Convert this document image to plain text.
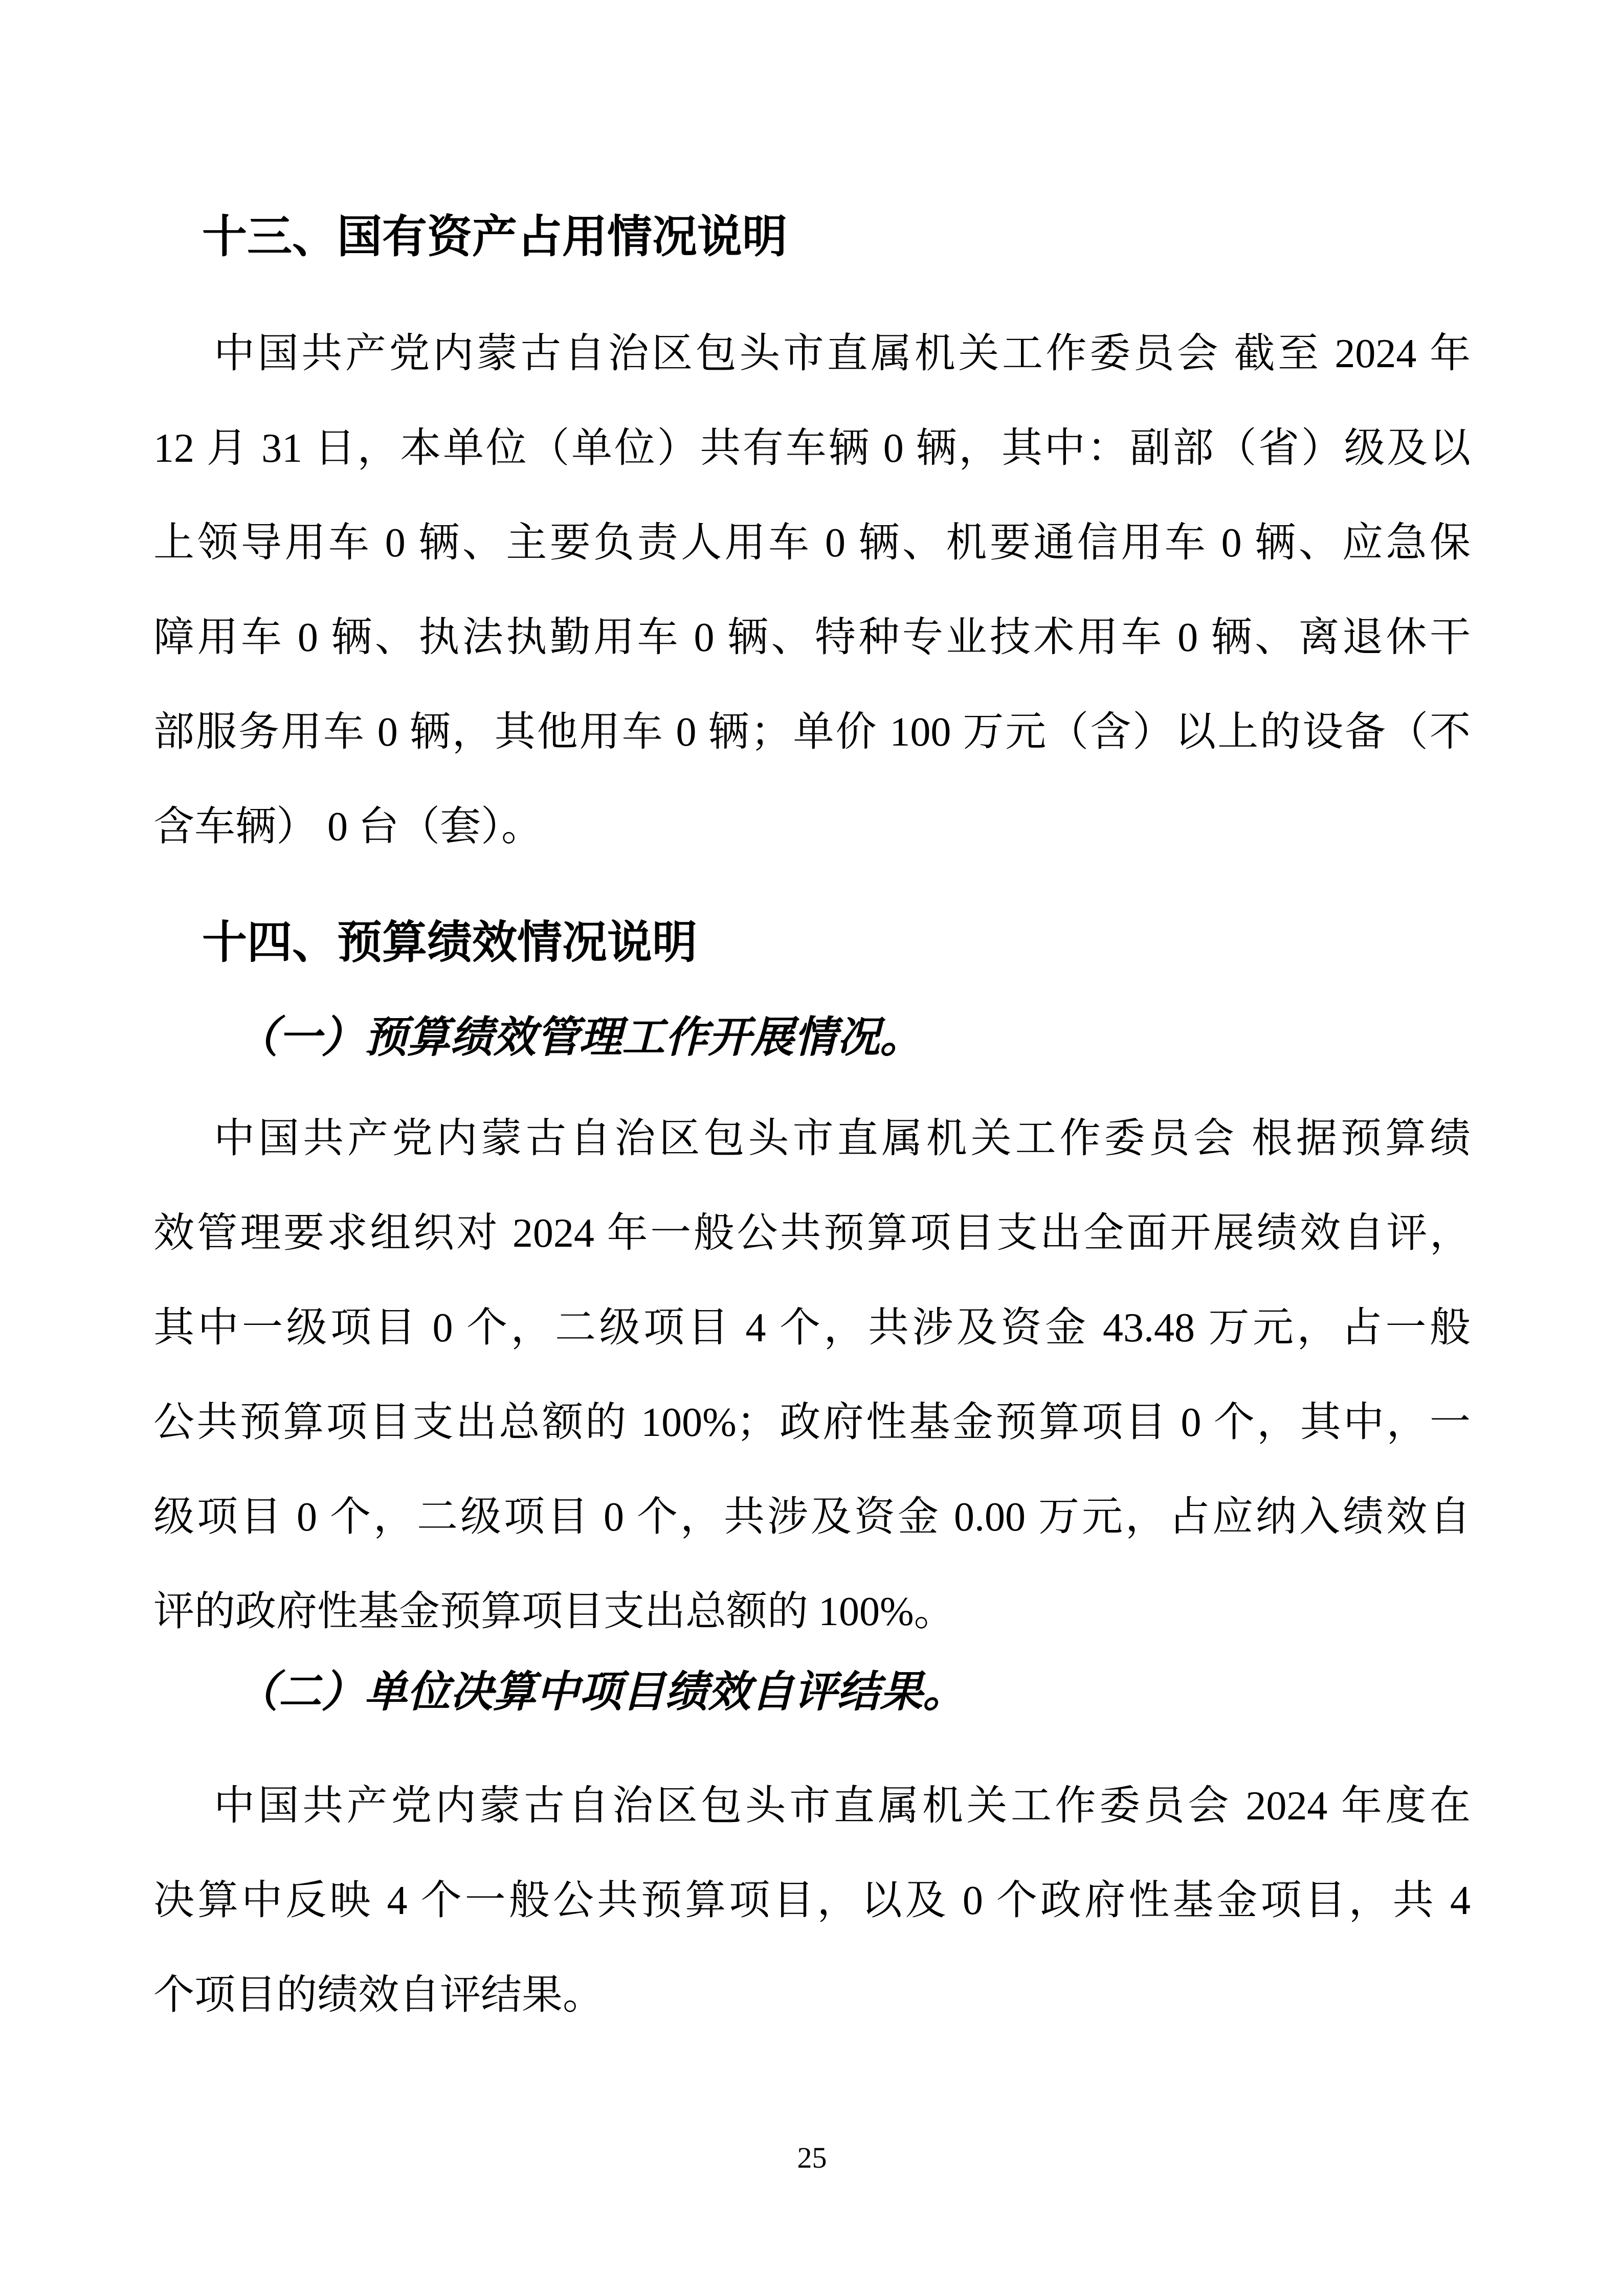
十三、国有资产占用情况说明
中国共产党内蒙古自治区包头市直属机关工作委员会 截至 2024 年
12 月 31 日，本单位（单位）共有车辆 0 辆，其中：副部（省）级及以
上领导用车 0 辆、主要负责人用车 0 辆、机要通信用车 0 辆、应急保
障用车 0 辆、执法执勤用车 0 辆、特种专业技术用车 0 辆、离退休干
部服务用车 0 辆，其他用车 0 辆；单价 100 万元（含）以上的设备（不
含车辆） 0 台（套）。
十四、预算绩效情况说明
（一）预算绩效管理工作开展情况。
中国共产党内蒙古自治区包头市直属机关工作委员会 根据预算绩
效管理要求组织对 2024 年一般公共预算项目支出全面开展绩效自评，
其中一级项目 0 个，二级项目 4 个，共涉及资金 43.48 万元，占一般
公共预算项目支出总额的 100%；政府性基金预算项目 0 个，其中，一
级项目 0 个，二级项目 0 个，共涉及资金 0.00 万元，占应纳入绩效自
评的政府性基金预算项目支出总额的 100%。
（二）单位决算中项目绩效自评结果。
中国共产党内蒙古自治区包头市直属机关工作委员会 2024 年度在
决算中反映 4 个一般公共预算项目，以及 0 个政府性基金项目，共 4
个项目的绩效自评结果。
25
